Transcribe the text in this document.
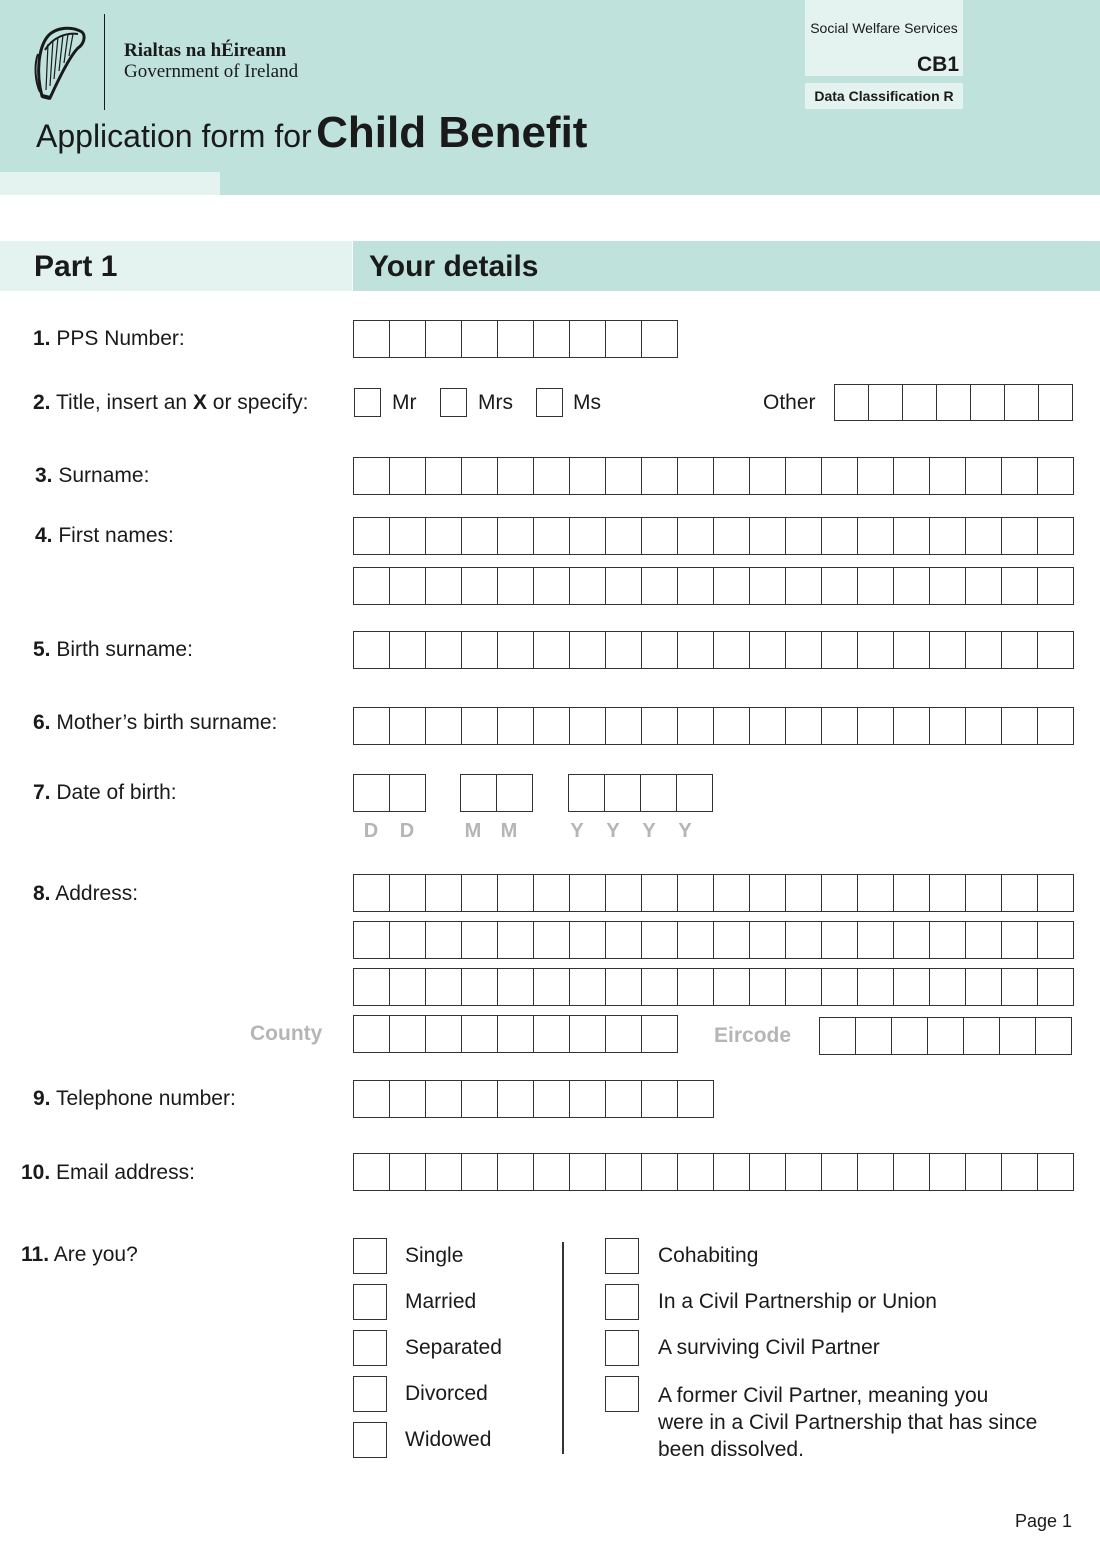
Rialtas na hÉireann
Government of Ireland
Application form for Child Benefit
Social Welfare Services
CB1
Data Classification R
Part 1	Your details
1. PPS Number:
2. Title, insert an X or specify:	Mr	Mrs	Ms	Other
3. Surname:
4. First names:
5. Birth surname:
6. Mother’s birth surname:
7. Date of birth:
D	D	M M	Y	Y	Y	Y
8. Address:
County	Eircode
9. Telephone number:
10. Email address:
11. Are you?	Single
Married
Separated
Divorced
Widowed
Cohabiting
In a Civil Partnership or Union
A surviving Civil Partner
A former Civil Partner, meaning you were in a Civil Partnership that has since been dissolved.
Page 1
